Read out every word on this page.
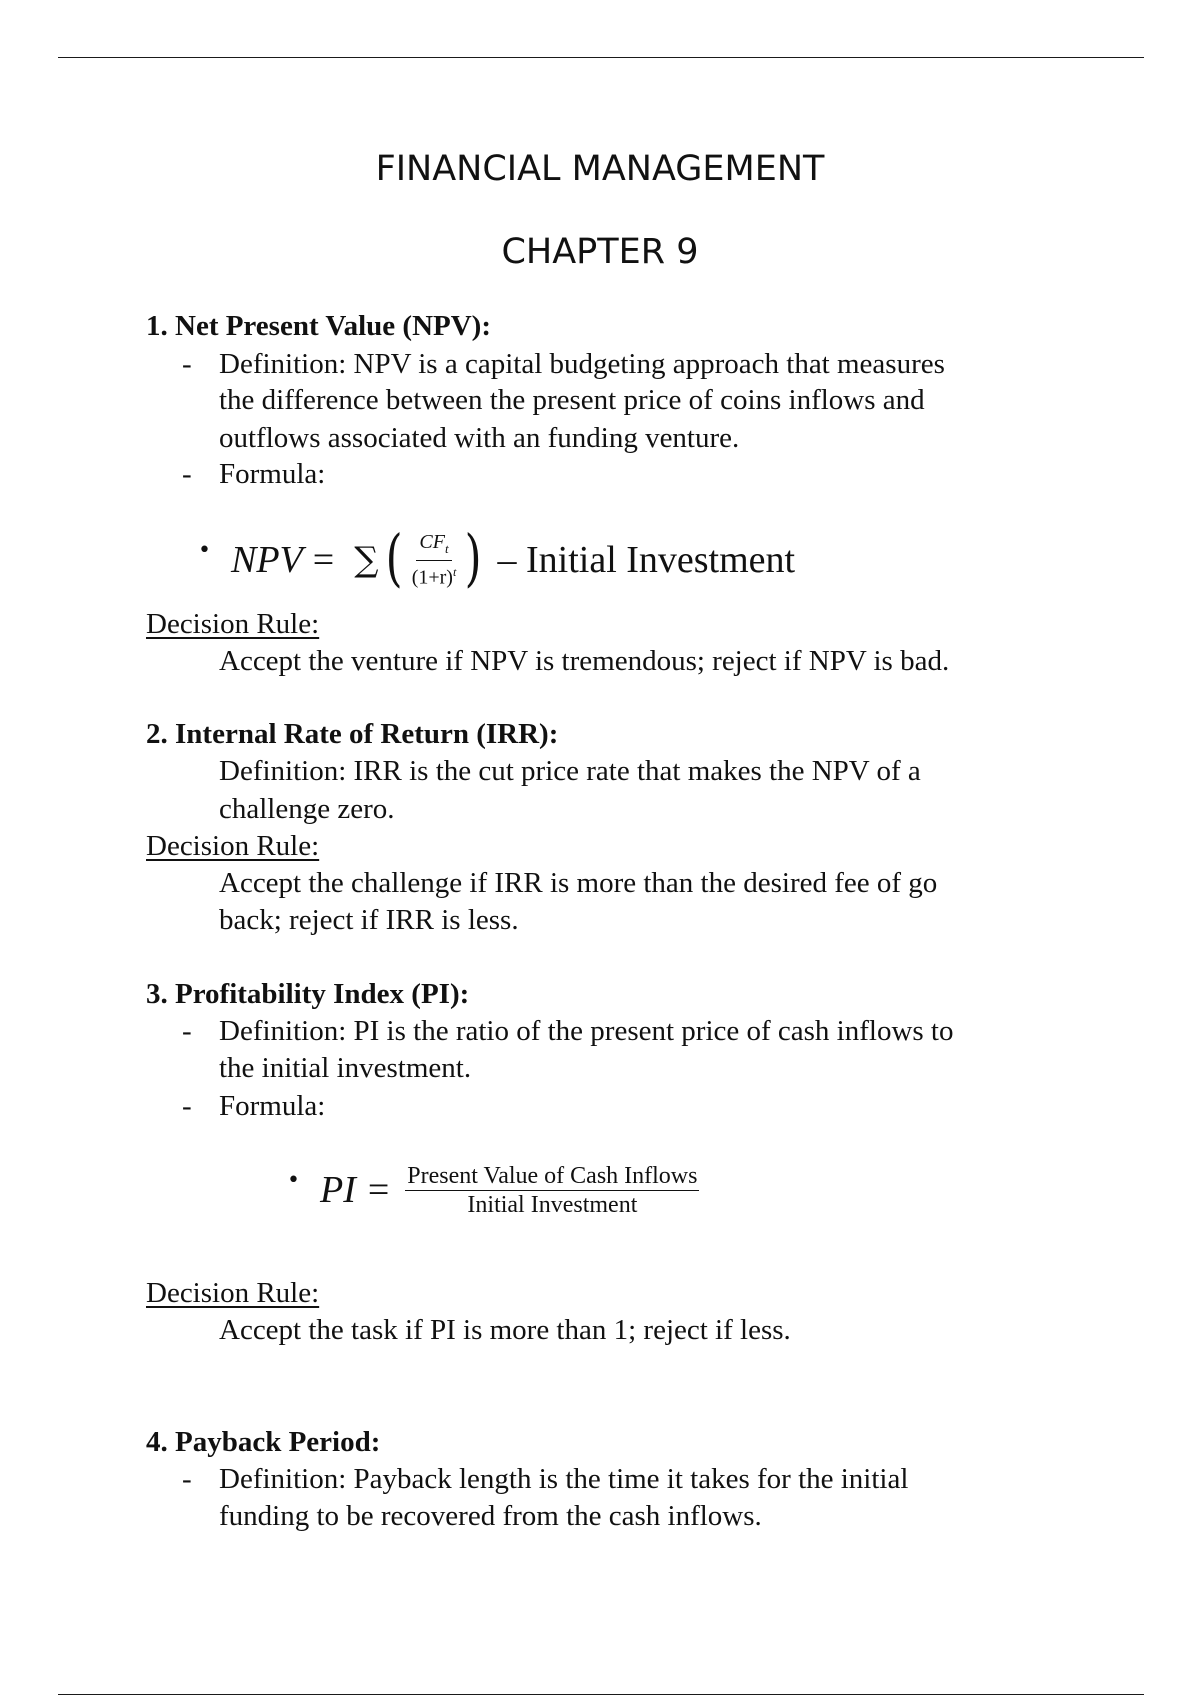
FINANCIAL MANAGEMENT
CHAPTER 9
1. Net Present Value (NPV):
- Definition: NPV is a capital budgeting approach that measures
the difference between the present price of coins inflows and
outflows associated with an funding venture.
- Formula:
• NPV = ∑ ( $\frac{CF_t}{(1+r)^t}$ ) – Initial Investment
Decision Rule:
Accept the venture if NPV is tremendous; reject if NPV is bad.
2. Internal Rate of Return (IRR):
Definition: IRR is the cut price rate that makes the NPV of a
challenge zero.
Decision Rule:
Accept the challenge if IRR is more than the desired fee of go
back; reject if IRR is less.
3. Profitability Index (PI):
- Definition: PI is the ratio of the present price of cash inflows to
the initial investment.
- Formula:
• PI = $\frac{\text{Present Value of Cash Inflows}}{\text{Initial Investment}}$
Decision Rule:
Accept the task if PI is more than 1; reject if less.
4. Payback Period:
- Definition: Payback length is the time it takes for the initial
funding to be recovered from the cash inflows.
